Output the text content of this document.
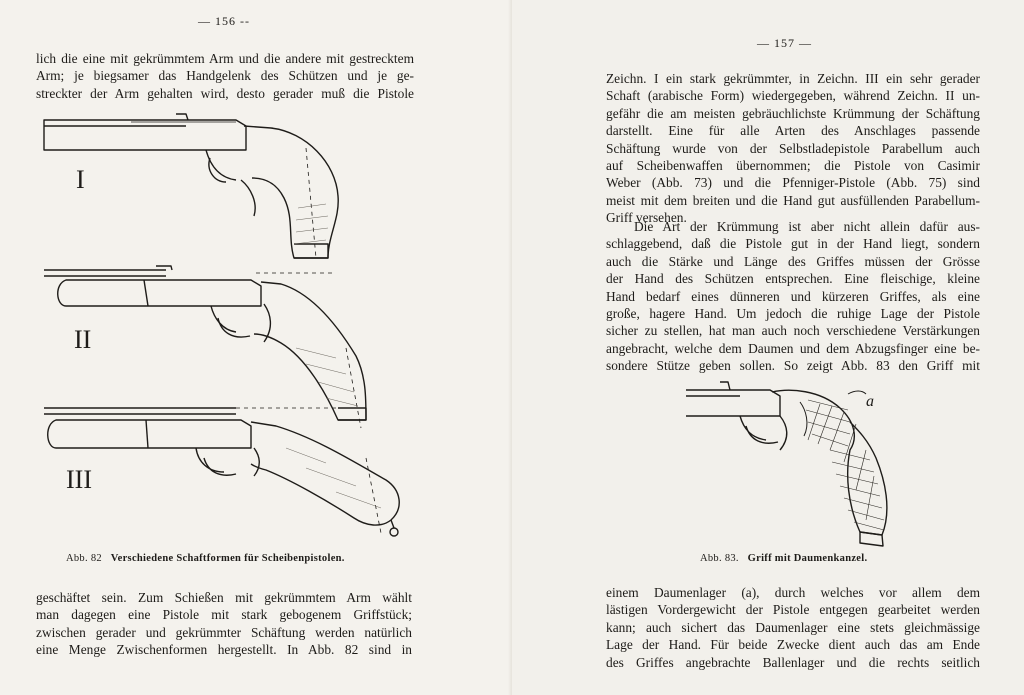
— 156 --

lich die eine mit gekrümmtem Arm und die andere mit gestrecktem
Arm; je biegsamer das Handgelenk des Schützen und je ge-
streckter der Arm gehalten wird, desto gerader muß die Pistole

I
II
III
Abb. 82 Verschiedene Schaftformen für Scheibenpistolen.

geschäftet sein. Zum Schießen mit gekrümmtem Arm wählt
man dagegen eine Pistole mit stark gebogenem Griffstück;
zwischen gerader und gekrümmter Schäftung werden natürlich
eine Menge Zwischenformen hergestellt. In Abb. 82 sind in

— 157 —

Zeichn. I ein stark gekrümmter, in Zeichn. III ein sehr gerader
Schaft (arabische Form) wiedergegeben, während Zeichn. II un-
gefähr die am meisten gebräuchlichste Krümmung der Schäftung
darstellt. Eine für alle Arten des Anschlages passende
Schäftung wurde von der Selbstladepistole Parabellum auch
auf Scheibenwaffen übernommen; die Pistole von Casimir
Weber (Abb. 73) und die Pfenniger-Pistole (Abb. 75) sind
meist mit dem breiten und die Hand gut ausfüllenden Parabellum-
Griff versehen.

Die Art der Krümmung ist aber nicht allein dafür aus-
schlaggebend, daß die Pistole gut in der Hand liegt, sondern
auch die Stärke und Länge des Griffes müssen der Grösse
der Hand des Schützen entsprechen. Eine fleischige, kleine
Hand bedarf eines dünneren und kürzeren Griffes, als eine
große, hagere Hand. Um jedoch die ruhige Lage der Pistole
sicher zu stellen, hat man auch noch verschiedene Verstärkungen
angebracht, welche dem Daumen und dem Abzugsfinger eine be-
sondere Stütze geben sollen. So zeigt Abb. 83 den Griff mit

a
Abb. 83. Griff mit Daumenkanzel.

einem Daumenlager (a), durch welches vor allem dem
lästigen Vordergewicht der Pistole entgegen gearbeitet werden
kann; auch sichert das Daumenlager eine stets gleichmässige
Lage der Hand. Für beide Zwecke dient auch das am Ende
des Griffes angebrachte Ballenlager und die rechts seitlich
